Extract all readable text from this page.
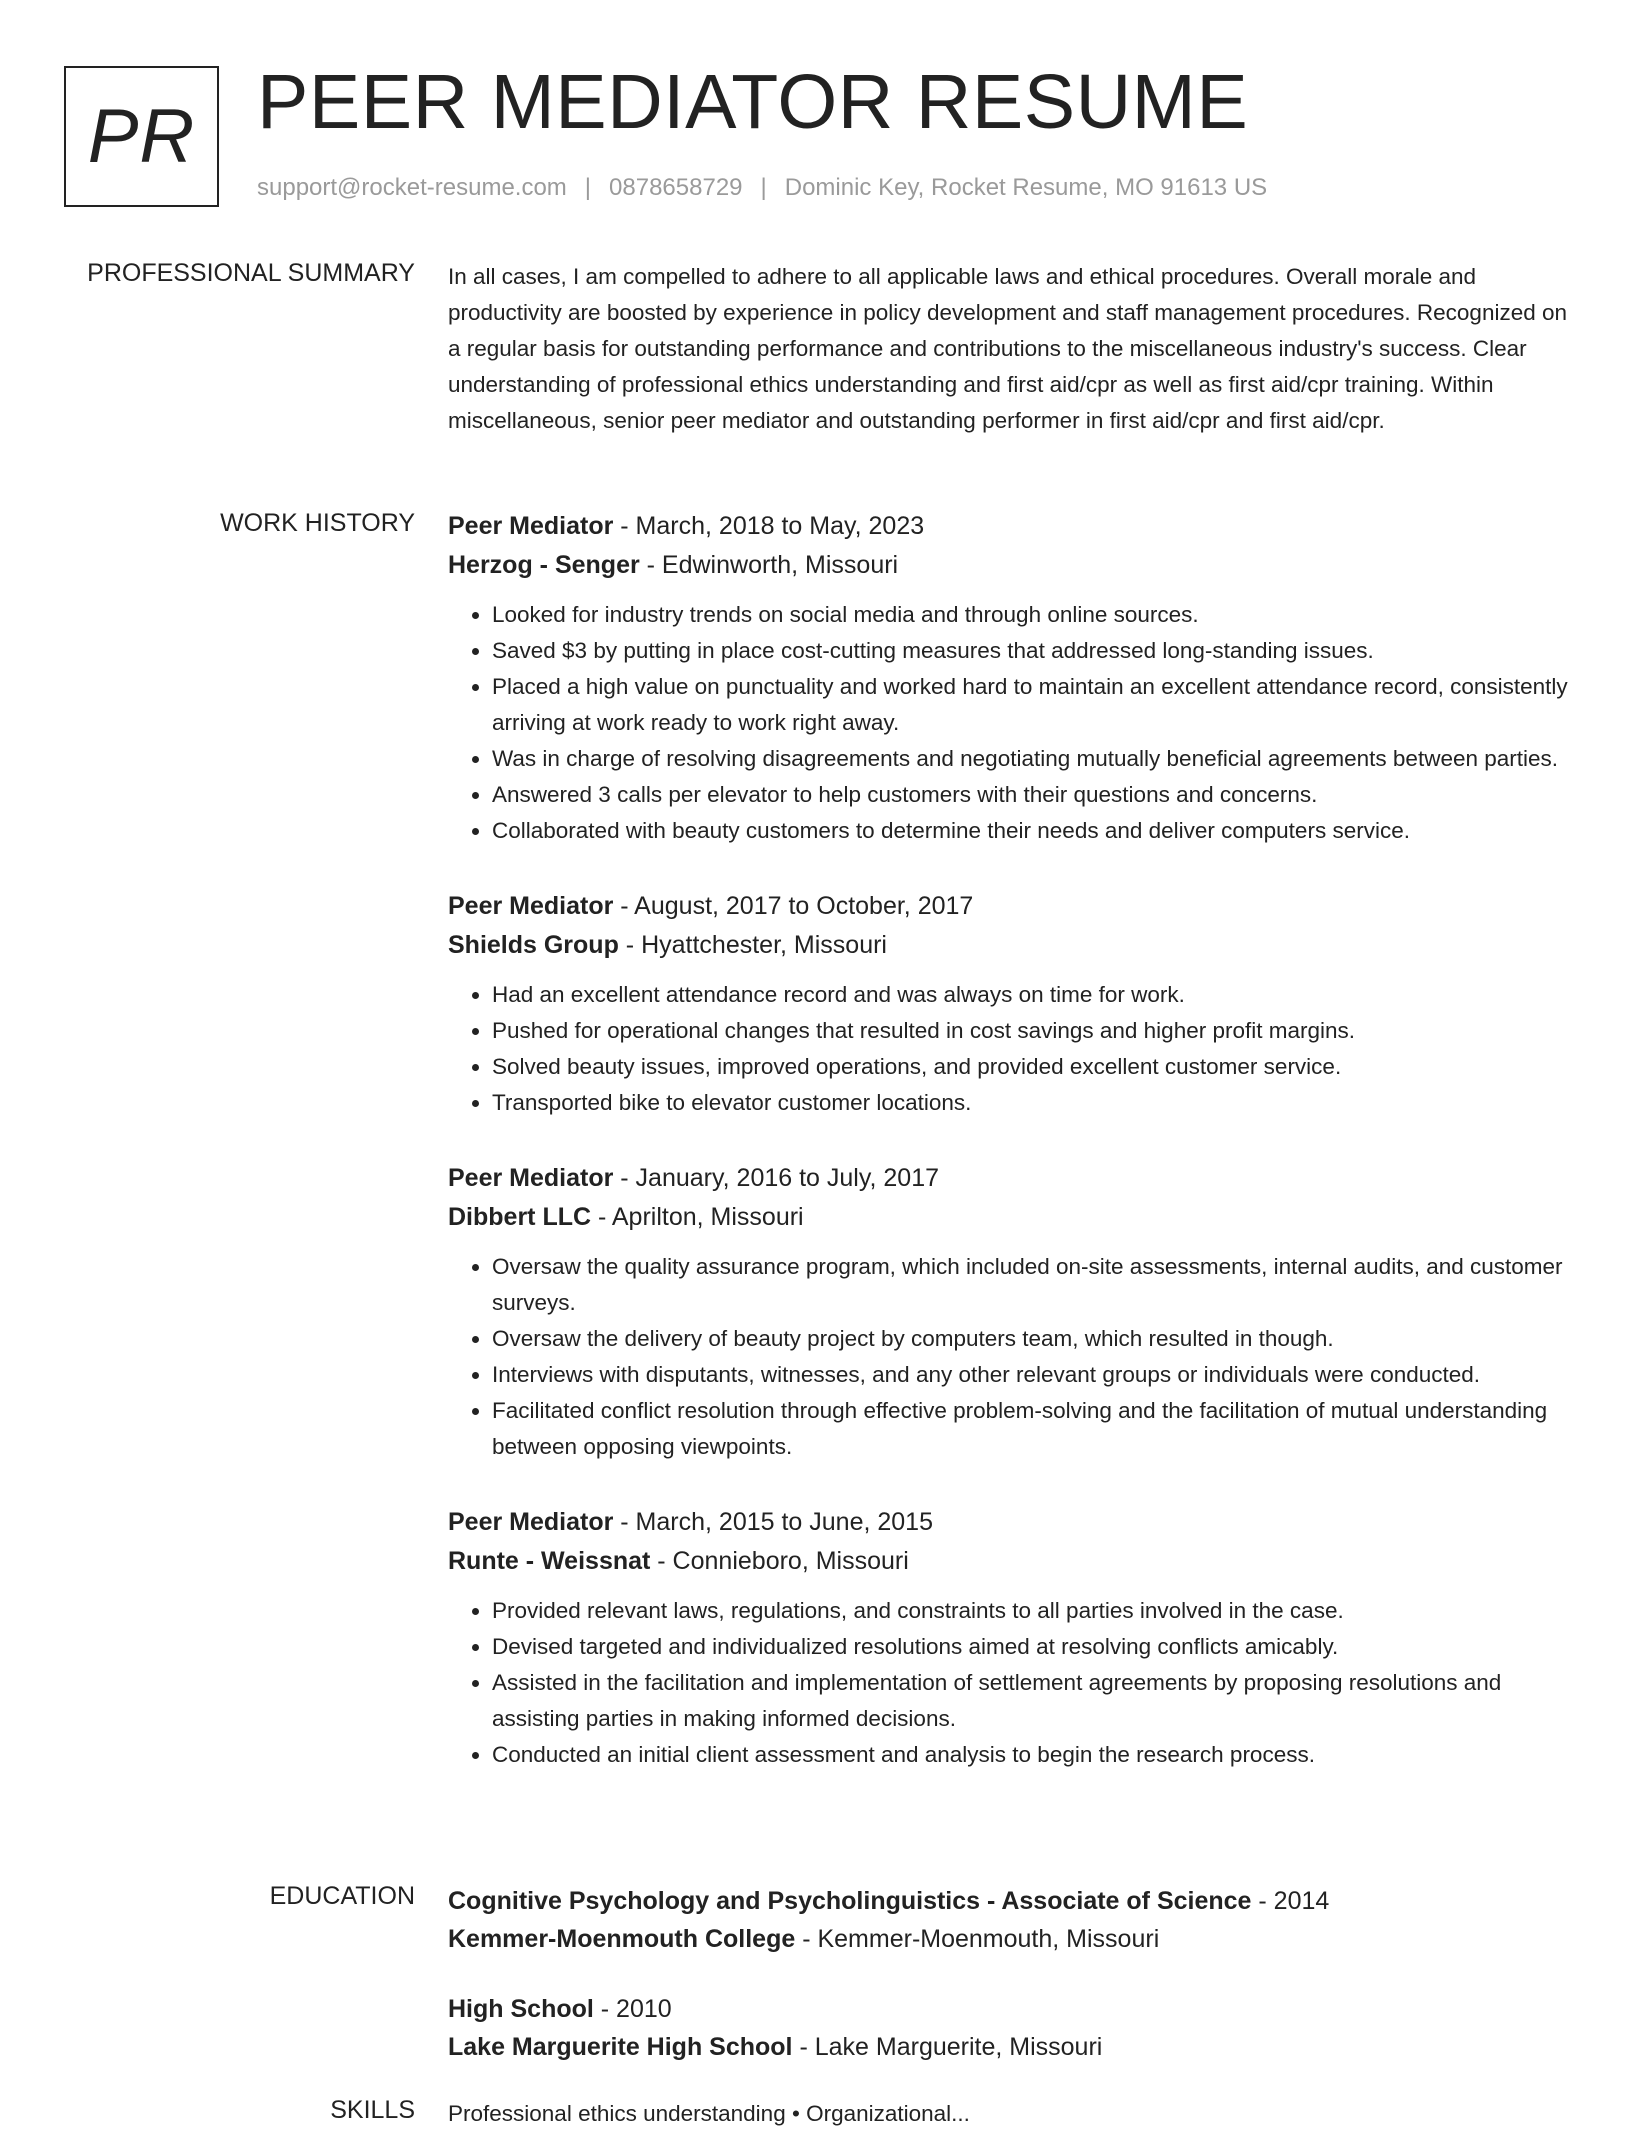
PR PEER MEDIATOR RESUME
support@rocket-resume.com | 0878658729 | Dominic Key, Rocket Resume, MO 91613 US
PROFESSIONAL SUMMARY In all cases, I am compelled to adhere to all applicable laws and ethical procedures. Overall morale and productivity are boosted by experience in policy development and staff management procedures. Recognized on a regular basis for outstanding performance and contributions to the miscellaneous industry's success. Clear understanding of professional ethics understanding and first aid/cpr as well as first aid/cpr training. Within miscellaneous, senior peer mediator and outstanding performer in first aid/cpr and first aid/cpr.

WORK HISTORY Peer Mediator - March, 2018 to May, 2023
Herzog - Senger - Edwinworth, Missouri
• Looked for industry trends on social media and through online sources.
• Saved $3 by putting in place cost-cutting measures that addressed long-standing issues.
• Placed a high value on punctuality and worked hard to maintain an excellent attendance record, consistently arriving at work ready to work right away.
• Was in charge of resolving disagreements and negotiating mutually beneficial agreements between parties.
• Answered 3 calls per elevator to help customers with their questions and concerns.
• Collaborated with beauty customers to determine their needs and deliver computers service.
Peer Mediator - August, 2017 to October, 2017
Shields Group - Hyattchester, Missouri
• Had an excellent attendance record and was always on time for work.
• Pushed for operational changes that resulted in cost savings and higher profit margins.
• Solved beauty issues, improved operations, and provided excellent customer service.
• Transported bike to elevator customer locations.
Peer Mediator - January, 2016 to July, 2017
Dibbert LLC - Aprilton, Missouri
• Oversaw the quality assurance program, which included on-site assessments, internal audits, and customer surveys.
• Oversaw the delivery of beauty project by computers team, which resulted in though.
• Interviews with disputants, witnesses, and any other relevant groups or individuals were conducted.
• Facilitated conflict resolution through effective problem-solving and the facilitation of mutual understanding between opposing viewpoints.
Peer Mediator - March, 2015 to June, 2015
Runte - Weissnat - Connieboro, Missouri
• Provided relevant laws, regulations, and constraints to all parties involved in the case.
• Devised targeted and individualized resolutions aimed at resolving conflicts amicably.
• Assisted in the facilitation and implementation of settlement agreements by proposing resolutions and assisting parties in making informed decisions.
• Conducted an initial client assessment and analysis to begin the research process.
EDUCATION Cognitive Psychology and Psycholinguistics - Associate of Science - 2014
Kemmer-Moenmouth College - Kemmer-Moenmouth, Missouri
High School - 2010
Lake Marguerite High School - Lake Marguerite, Missouri
SKILLS Professional ethics understanding • Organizational...
